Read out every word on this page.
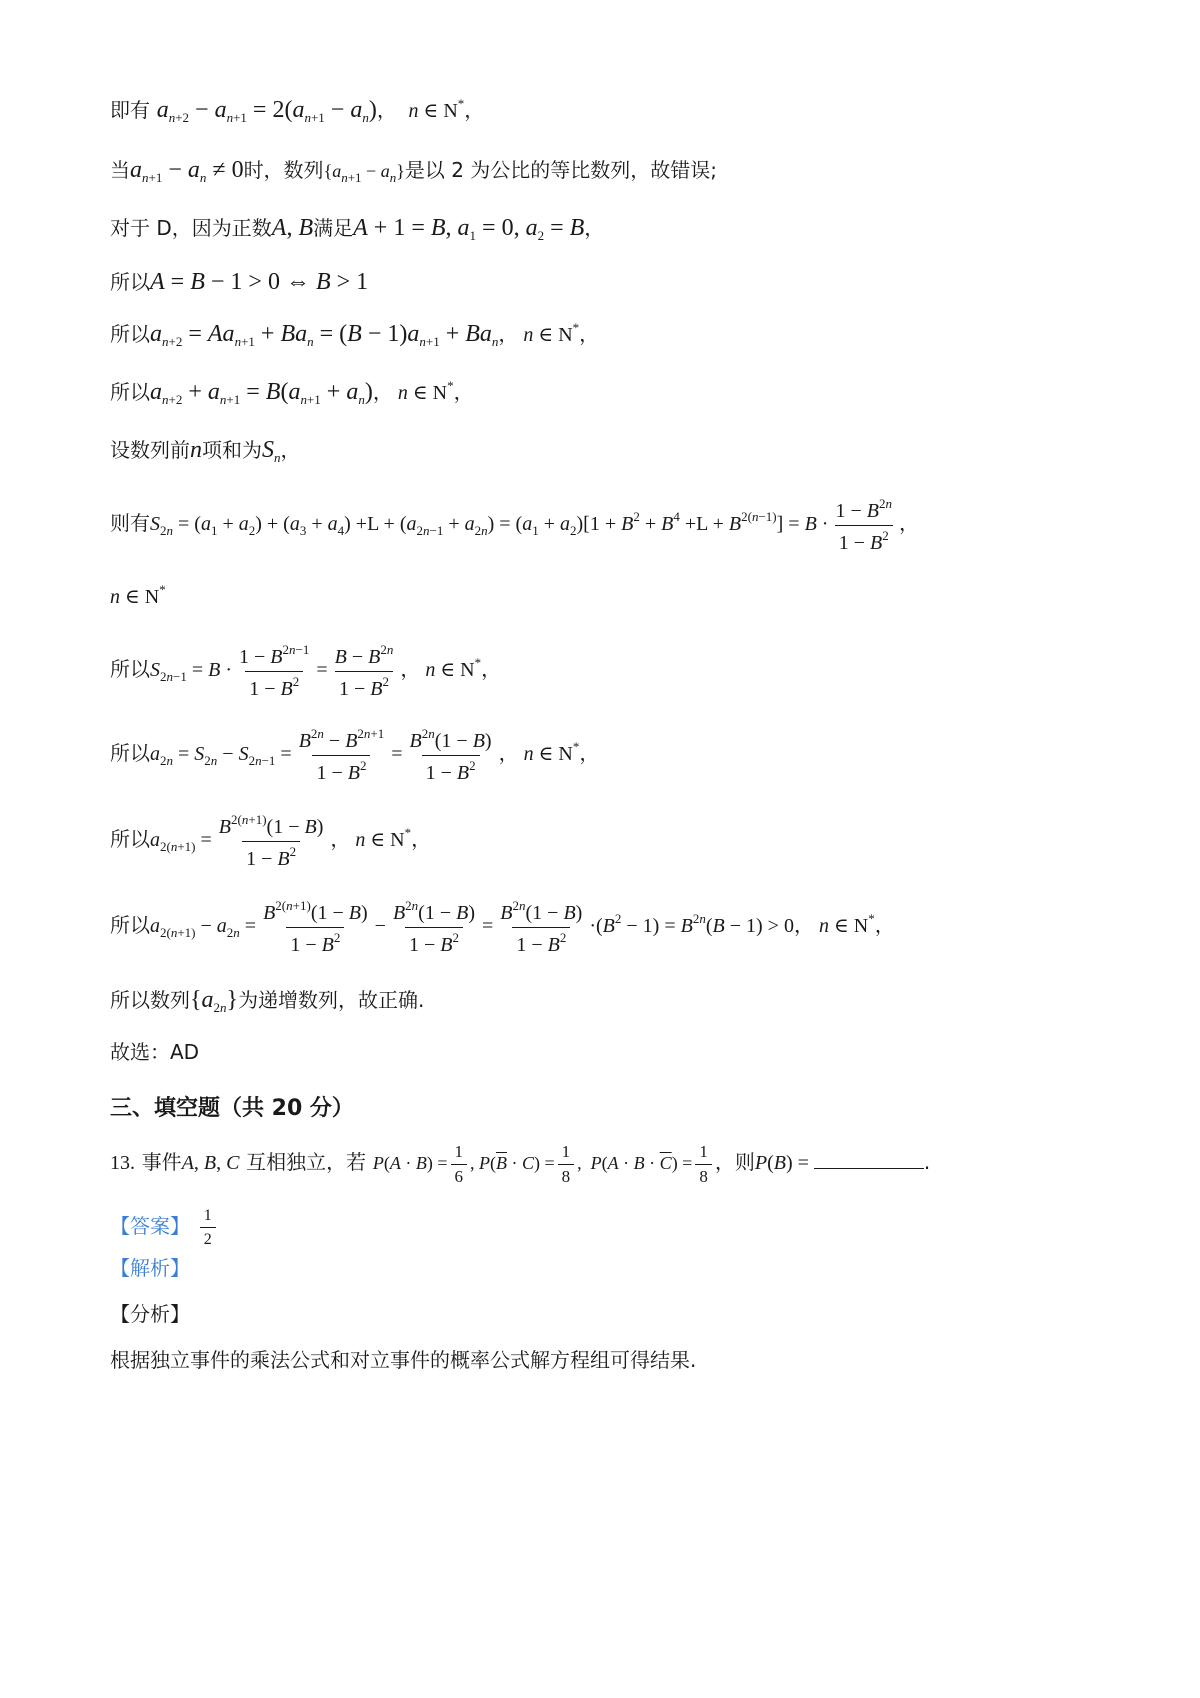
即有 $a_{n+2} - a_{n+1} = 2(a_{n+1} - a_n)$， n ∈ N*，
当$a_{n+1} - a_n \ne 0$时，数列$\{a_{n+1} - a_n\}$是以 2 为公比的等比数列，故错误;
对于 D，因为正数A, B满足A + 1 = B, $a_1 = 0$, $a_2 = B$，
所以A = B − 1 > 0 ⇔ B > 1
所以$a_{n+2} = Aa_{n+1} + Ba_n = (B - 1)a_{n+1} + Ba_n$， n ∈ N*，
所以$a_{n+2} + a_{n+1} = B(a_{n+1} + a_n)$， n ∈ N*，
设数列前n项和为$S_n$，
则有$S_{2n} = (a_1 + a_2) + (a_3 + a_4) +L + (a_{2n-1} + a_{2n}) = (a_1 + a_2)[1 + B^2 + B^4 +L + B^{2(n-1)}] = B \cdot \frac{1 - B^{2n}}{1 - B^2}$ ，
n ∈ N*
所以$S_{2n-1} = B \cdot \frac{1 - B^{2n-1}}{1 - B^2} = \frac{B - B^{2n}}{1 - B^2}$ ， n ∈ N*，
所以$a_{2n} = S_{2n} - S_{2n-1} = \frac{B^{2n} - B^{2n+1}}{1 - B^2} = \frac{B^{2n}(1 - B)}{1 - B^2}$ ， n ∈ N*，
所以$a_{2(n+1)} = \frac{B^{2(n+1)}(1 - B)}{1 - B^2}$ ， n ∈ N*，
所以$a_{2(n+1)} - a_{2n} = \frac{B^{2(n+1)}(1 - B)}{1 - B^2} - \frac{B^{2n}(1 - B)}{1 - B^2} = \frac{B^{2n}(1 - B)}{1 - B^2} \cdot(B^2 - 1) = B^{2n}(B - 1) > 0$， n ∈ N*，
所以数列$\{a_{2n}\}$为递增数列，故正确.
故选：AD
三、填空题（共 20 分）
13. 事件A, B, C 互相独立，若 $P(A \cdot B) = \frac{1}{6}$ , $P(\overline{B} \cdot C) = \frac{1}{8}$ ,  $P(A \cdot B \cdot \overline{C}) = \frac{1}{8}$ ，则P(B) =	.
【答案】 $\frac{1}{2}$
【解析】
【分析】
根据独立事件的乘法公式和对立事件的概率公式解方程组可得结果.
